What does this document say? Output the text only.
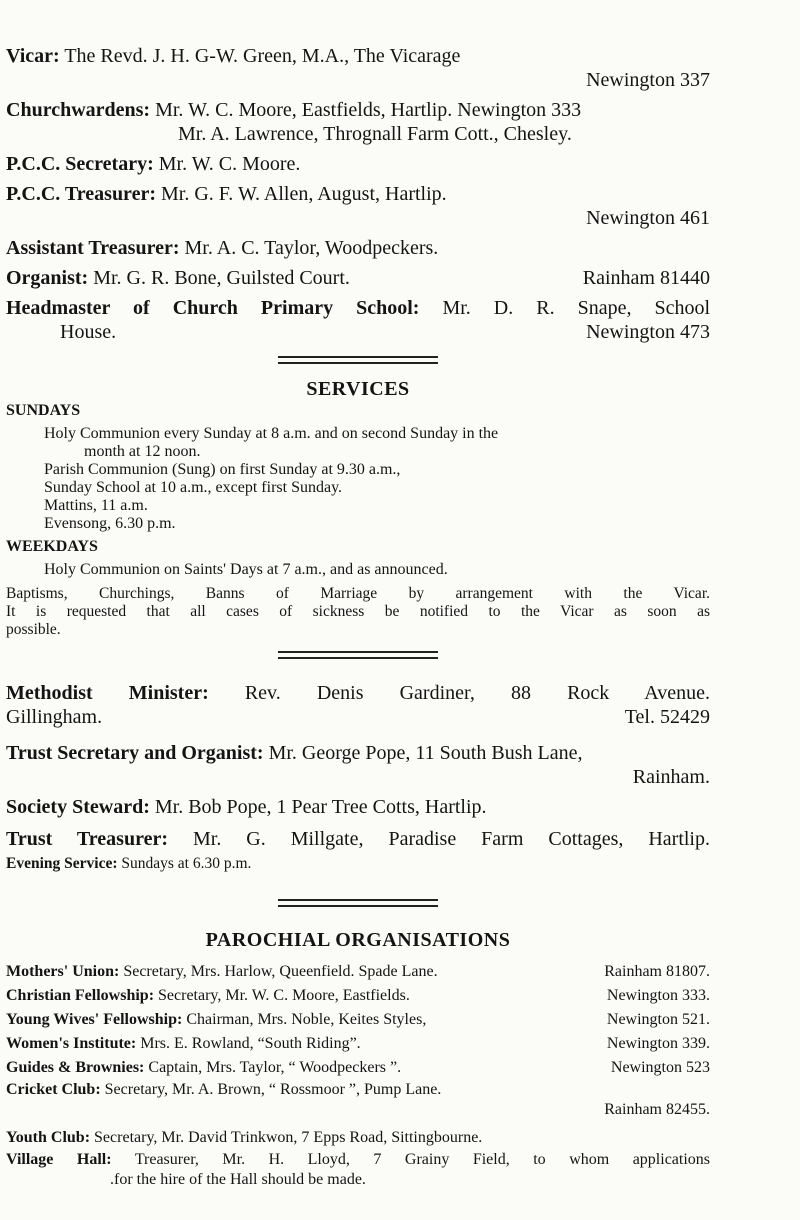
Vicar: The Revd. J. H. G-W. Green, M.A., The Vicarage
Newington 337
Churchwardens: Mr. W. C. Moore, Eastfields, Hartlip. Newington 333
Mr. A. Lawrence, Thrognall Farm Cott., Chesley.
P.C.C. Secretary: Mr. W. C. Moore.
P.C.C. Treasurer: Mr. G. F. W. Allen, August, Hartlip.
Newington 461
Assistant Treasurer: Mr. A. C. Taylor, Woodpeckers.
Organist: Mr. G. R. Bone, Guilsted Court.	Rainham 81440
Headmaster of Church Primary School: Mr. D. R. Snape, School
House.	Newington 473
SERVICES
SUNDAYS
Holy Communion every Sunday at 8 a.m. and on second Sunday in the
month at 12 noon.
Parish Communion (Sung) on first Sunday at 9.30 a.m.,
Sunday School at 10 a.m., except first Sunday.
Mattins, 11 a.m.
Evensong, 6.30 p.m.
WEEKDAYS
Holy Communion on Saints' Days at 7 a.m., and as announced.
Baptisms, Churchings, Banns of Marriage by arrangement with the Vicar.
It is requested that all cases of sickness be notified to the Vicar as soon as
possible.
Methodist Minister: Rev. Denis Gardiner, 88 Rock Avenue.
Gillingham.	Tel. 52429
Trust Secretary and Organist: Mr. George Pope, 11 South Bush Lane,
Rainham.
Society Steward: Mr. Bob Pope, 1 Pear Tree Cotts, Hartlip.
Trust Treasurer: Mr. G. Millgate, Paradise Farm Cottages, Hartlip.
Evening Service: Sundays at 6.30 p.m.
PAROCHIAL ORGANISATIONS
Mothers' Union: Secretary, Mrs. Harlow, Queenfield. Spade Lane.	Rainham 81807.
Christian Fellowship: Secretary, Mr. W. C. Moore, Eastfields.	Newington 333.
Young Wives' Fellowship: Chairman, Mrs. Noble, Keites Styles,	Newington 521.
Women's Institute: Mrs. E. Rowland, “South Riding”.	Newington 339.
Guides & Brownies: Captain, Mrs. Taylor, “ Woodpeckers ”.	Newington 523
Cricket Club: Secretary, Mr. A. Brown, “ Rossmoor ”, Pump Lane.
Rainham 82455.
Youth Club: Secretary, Mr. David Trinkwon, 7 Epps Road, Sittingbourne.
Village Hall: Treasurer, Mr. H. Lloyd, 7 Grainy Field, to whom applications
.for the hire of the Hall should be made.
